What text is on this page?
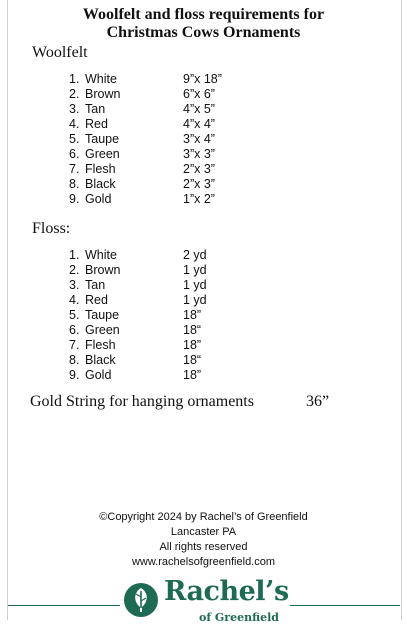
Woolfelt and floss requirements for
Christmas Cows Ornaments
Woolfelt
1. White	9”x 18”
2. Brown	6”x 6”
3. Tan	4”x 5”
4. Red	4”x 4”
5. Taupe	3”x 4”
6. Green	3”x 3”
7. Flesh	2”x 3”
8. Black	2”x 3”
9. Gold	1”x 2”
Floss:
1. White	2 yd
2. Brown	1 yd
3. Tan	1 yd
4. Red	1 yd
5. Taupe	18”
6. Green	18“
7. Flesh	18”
8. Black	18“
9. Gold	18”
Gold String for hanging ornaments	36”
©Copyright 2024 by Rachel’s of Greenfield
Lancaster PA
All rights reserved
www.rachelsofgreenfield.com
Rachel’s
of Greenfield
